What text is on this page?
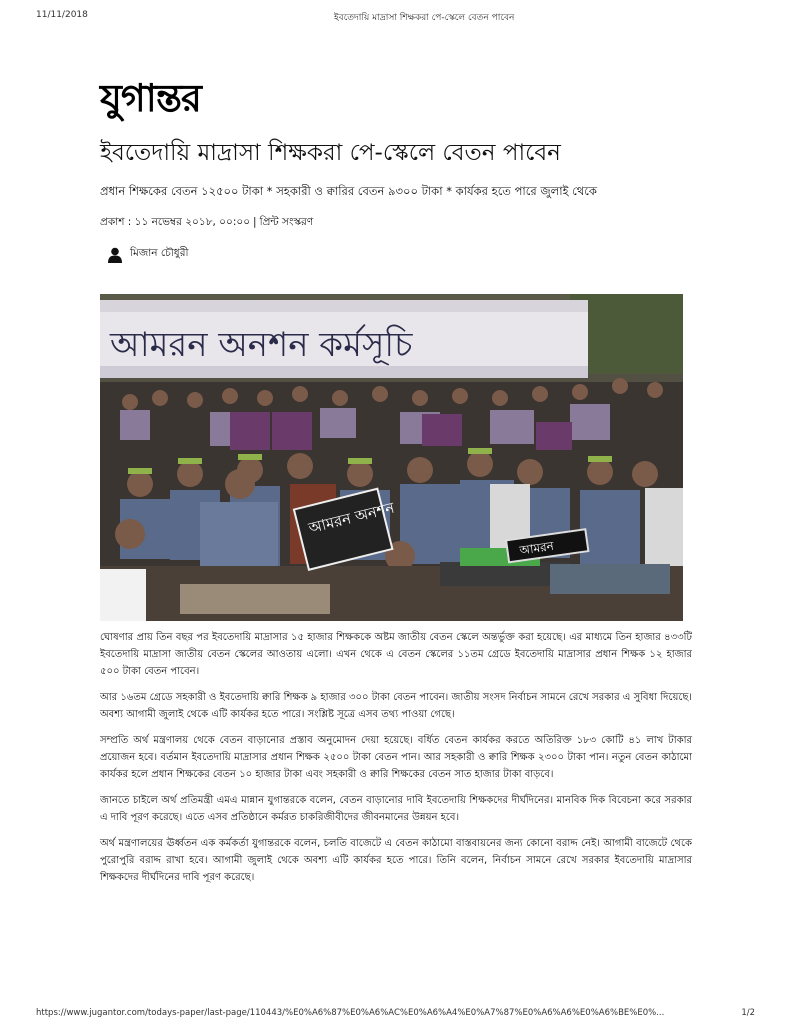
11/11/2018	ইবতেদায়ি মাদ্রাসা শিক্ষকরা পে-স্কেলে বেতন পাবেন
যুগান্তর
ইবতেদায়ি মাদ্রাসা শিক্ষকরা পে-স্কেলে বেতন পাবেন
প্রধান শিক্ষকের বেতন ১২৫০০ টাকা * সহকারী ও ক্বারির বেতন ৯৩০০ টাকা * কার্যকর হতে পারে জুলাই থেকে
প্রকাশ : ১১ নভেম্বর ২০১৮, ০০:০০ | প্রিন্ট সংস্করণ
মিজান চৌধুরী
আমরন অনশন কর্মসূচি
আমরন অনশন
আমরন

ঘোষণার প্রায় তিন বছর পর ইবতেদায়ি মাদ্রাসার ১৫ হাজার শিক্ষককে অষ্টম জাতীয় বেতন স্কেলে অন্তর্ভুক্ত করা হয়েছে। এর মাধ্যমে তিন হাজার ৪৩৩টি ইবতেদায়ি মাদ্রাসা জাতীয় বেতন স্কেলের আওতায় এলো। এখন থেকে এ বেতন স্কেলের ১১তম গ্রেডে ইবতেদায়ি মাদ্রাসার প্রধান শিক্ষক ১২ হাজার ৫০০ টাকা বেতন পাবেন।

আর ১৬তম গ্রেডে সহকারী ও ইবতেদায়ি ক্বারি শিক্ষক ৯ হাজার ৩০০ টাকা বেতন পাবেন। জাতীয় সংসদ নির্বাচন সামনে রেখে সরকার এ সুবিধা দিয়েছে। অবশ্য আগামী জুলাই থেকে এটি কার্যকর হতে পারে। সংশ্লিষ্ট সূত্রে এসব তথ্য পাওয়া গেছে।

সম্প্রতি অর্থ মন্ত্রণালয় থেকে বেতন বাড়ানোর প্রস্তাব অনুমোদন দেয়া হয়েছে। বর্ধিত বেতন কার্যকর করতে অতিরিক্ত ১৮৩ কোটি ৪১ লাখ টাকার প্রয়োজন হবে। বর্তমান ইবতেদায়ি মাদ্রাসার প্রধান শিক্ষক ২৫০০ টাকা বেতন পান। আর সহকারী ও ক্বারি শিক্ষক ২৩০০ টাকা পান। নতুন বেতন কাঠামো কার্যকর হলে প্রধান শিক্ষকের বেতন ১০ হাজার টাকা এবং সহকারী ও ক্বারি শিক্ষকের বেতন সাত হাজার টাকা বাড়বে।

জানতে চাইলে অর্থ প্রতিমন্ত্রী এমএ মান্নান যুগান্তরকে বলেন, বেতন বাড়ানোর দাবি ইবতেদায়ি শিক্ষকদের দীর্ঘদিনের। মানবিক দিক বিবেচনা করে সরকার এ দাবি পূরণ করেছে। এতে এসব প্রতিষ্ঠানে কর্মরত চাকরিজীবীদের জীবনমানের উন্নয়ন হবে।

অর্থ মন্ত্রণালয়ের ঊর্ধ্বতন এক কর্মকর্তা যুগান্তরকে বলেন, চলতি বাজেটে এ বেতন কাঠামো বাস্তবায়নের জন্য কোনো বরাদ্দ নেই। আগামী বাজেটে থেকে পুরোপুরি বরাদ্দ রাখা হবে। আগামী জুলাই থেকে অবশ্য এটি কার্যকর হতে পারে। তিনি বলেন, নির্বাচন সামনে রেখে সরকার ইবতেদায়ি মাদ্রাসার শিক্ষকদের দীর্ঘদিনের দাবি পূরণ করেছে।

https://www.jugantor.com/todays-paper/last-page/110443/%E0%A6%87%E0%A6%AC%E0%A6%A4%E0%A7%87%E0%A6%A6%E0%A6%BE%E0%...	1/2
